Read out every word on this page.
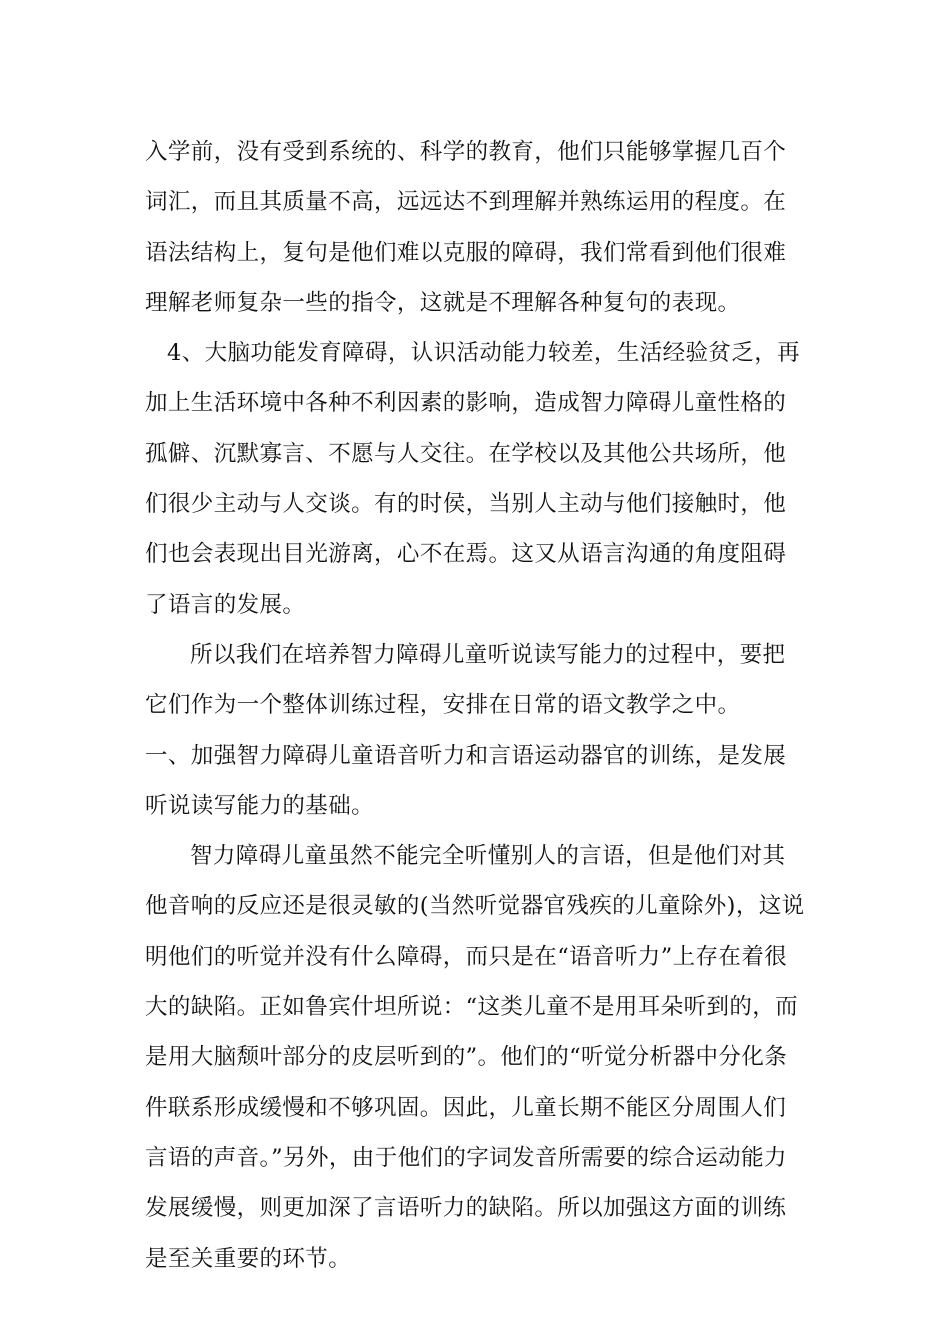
入学前，没有受到系统的、科学的教育，他们只能够掌握几百个词汇，而且其质量不高，远远达不到理解并熟练运用的程度。在语法结构上，复句是他们难以克服的障碍，我们常看到他们很难理解老师复杂一些的指令，这就是不理解各种复句的表现。

4、大脑功能发育障碍，认识活动能力较差，生活经验贫乏，再加上生活环境中各种不利因素的影响，造成智力障碍儿童性格的孤僻、沉默寡言、不愿与人交往。在学校以及其他公共场所，他们很少主动与人交谈。有的时侯，当别人主动与他们接触时，他们也会表现出目光游离，心不在焉。这又从语言沟通的角度阻碍了语言的发展。

所以我们在培养智力障碍儿童听说读写能力的过程中，要把它们作为一个整体训练过程，安排在日常的语文教学之中。

一、加强智力障碍儿童语音听力和言语运动器官的训练，是发展听说读写能力的基础。

智力障碍儿童虽然不能完全听懂别人的言语，但是他们对其他音响的反应还是很灵敏的(当然听觉器官残疾的儿童除外)，这说明他们的听觉并没有什么障碍，而只是在“语音听力”上存在着很大的缺陷。正如鲁宾什坦所说：“这类儿童不是用耳朵听到的，而是用大脑颓叶部分的皮层听到的”。他们的“听觉分析器中分化条件联系形成缓慢和不够巩固。因此，儿童长期不能区分周围人们言语的声音。”另外，由于他们的字词发音所需要的综合运动能力发展缓慢，则更加深了言语听力的缺陷。所以加强这方面的训练是至关重要的环节。
